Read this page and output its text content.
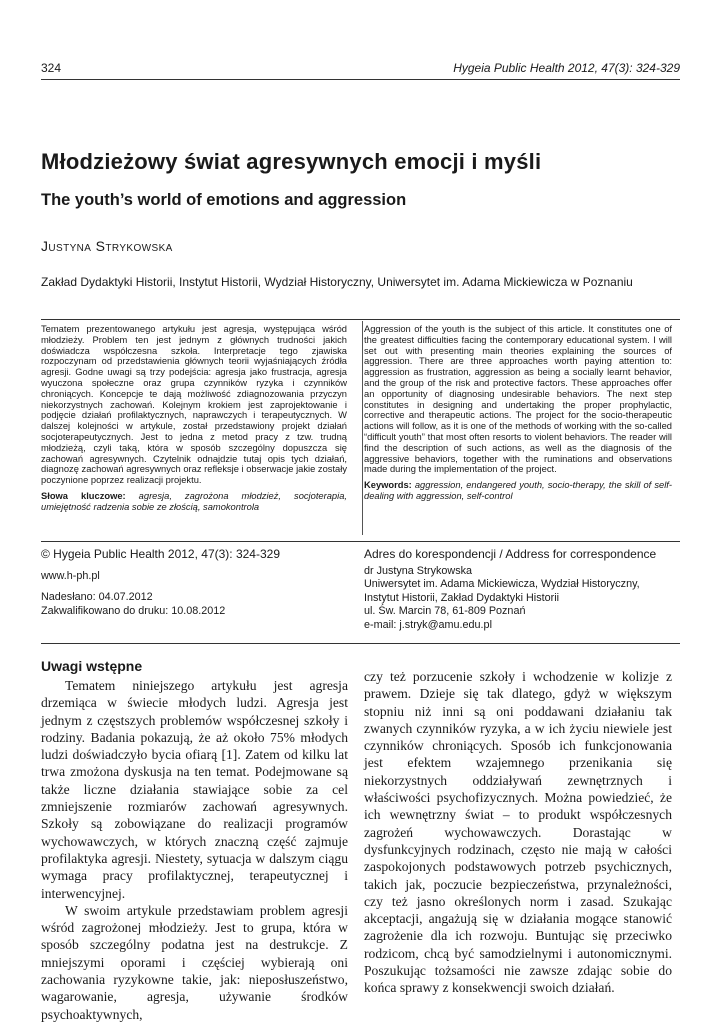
324	Hygeia Public Health 2012, 47(3): 324-329
Młodzieżowy świat agresywnych emocji i myśli
The youth’s world of emotions and aggression
Justyna Strykowska
Zakład Dydaktyki Historii, Instytut Historii, Wydział Historyczny, Uniwersytet im. Adama Mickiewicza w Poznaniu
Tematem prezentowanego artykułu jest agresja, występująca wśród młodzieży. Problem ten jest jednym z głównych trudności jakich doświadcza współczesna szkoła. Interpretacje tego zjawiska rozpoczynam od przedstawienia głównych teorii wyjaśniających źródła agresji. Godne uwagi są trzy podejścia: agresja jako frustracja, agresja wyuczona społeczne oraz grupa czynników ryzyka i czynników chroniących. Koncepcje te dają możliwość zdiagnozowania przyczyn niekorzystnych zachowań. Kolejnym krokiem jest zaprojektowanie i podjęcie działań profilaktycznych, naprawczych i terapeutycznych. W dalszej kolejności w artykule, został przedstawiony projekt działań socjoterapeutycznych. Jest to jedna z metod pracy z tzw. trudną młodzieżą, czyli taką, która w sposób szczególny dopuszcza się zachowań agresywnych. Czytelnik odnajdzie tutaj opis tych działań, diagnozę zachowań agresywnych oraz refleksje i obserwacje jakie zostały poczynione poprzez realizacji projektu.
Słowa kluczowe: agresja, zagrożona młodzież, socjoterapia, umiejętność radzenia sobie ze złością, samokontrola
Aggression of the youth is the subject of this article. It constitutes one of the greatest difficulties facing the contemporary educational system. I will set out with presenting main theories explaining the sources of aggression. There are three approaches worth paying attention to: aggression as frustration, aggression as being a socially learnt behavior, and the group of the risk and protective factors. These approaches offer an opportunity of diagnosing undesirable behaviors. The next step constitutes in designing and undertaking the proper prophylactic, corrective and therapeutic actions. The project for the socio-therapeutic actions will follow, as it is one of the methods of working with the so-called “difficult youth” that most often resorts to violent behaviors. The reader will find the description of such actions, as well as the diagnosis of the aggressive behaviors, together with the ruminations and observations made during the implementation of the project.
Keywords: aggression, endangered youth, socio-therapy, the skill of self-dealing with aggression, self-control
© Hygeia Public Health 2012, 47(3): 324-329
www.h-ph.pl
Nadesłano: 04.07.2012
Zakwalifikowano do druku: 10.08.2012
Adres do korespondencji / Address for correspondence
dr Justyna Strykowska
Uniwersytet im. Adama Mickiewicza, Wydział Historyczny,
Instytut Historii, Zakład Dydaktyki Historii
ul. Św. Marcin 78, 61-809 Poznań
e-mail: j.stryk@amu.edu.pl
Uwagi wstępne

Tematem niniejszego artykułu jest agresja drzemiąca w świecie młodych ludzi. Agresja jest jednym z częstszych problemów współczesnej szkoły i rodziny. Badania pokazują, że aż około 75% młodych ludzi doświadczyło bycia ofiarą [1]. Zatem od kilku lat trwa zmożona dyskusja na ten temat. Podejmowane są także liczne działania stawiające sobie za cel zmniejszenie rozmiarów zachowań agresywnych. Szkoły są zobowiązane do realizacji programów wychowawczych, w których znaczną część zajmuje profilaktyka agresji. Niestety, sytuacja w dalszym ciągu wymaga pracy profilaktycznej, terapeutycznej i interwencyjnej.

W swoim artykule przedstawiam problem agresji wśród zagrożonej młodzieży. Jest to grupa, która w sposób szczególny podatna jest na destrukcje. Z mniejszymi oporami i częściej wybierają oni zachowania ryzykowne takie, jak: nieposłuszeństwo, wagarowanie, agresja, używanie środków psychoaktywnych,

czy też porzucenie szkoły i wchodzenie w kolizje z prawem. Dzieje się tak dlatego, gdyż w większym stopniu niż inni są oni poddawani działaniu tak zwanych czynników ryzyka, a w ich życiu niewiele jest czynników chroniących. Sposób ich funkcjonowania jest efektem wzajemnego przenikania się niekorzystnych oddziaływań zewnętrznych i właściwości psychofizycznych. Można powiedzieć, że ich wewnętrzny świat – to produkt współczesnych zagrożeń wychowawczych. Dorastając w dysfunkcyjnych rodzinach, często nie mają w całości zaspokojonych podstawowych potrzeb psychicznych, takich jak, poczucie bezpieczeństwa, przynależności, czy też jasno określonych norm i zasad. Szukając akceptacji, angażują się w działania mogące stanowić zagrożenie dla ich rozwoju. Buntując się przeciwko rodzicom, chcą być samodzielnymi i autonomicznymi. Poszukując tożsamości nie zawsze zdając sobie do końca sprawy z konsekwencji swoich działań.
